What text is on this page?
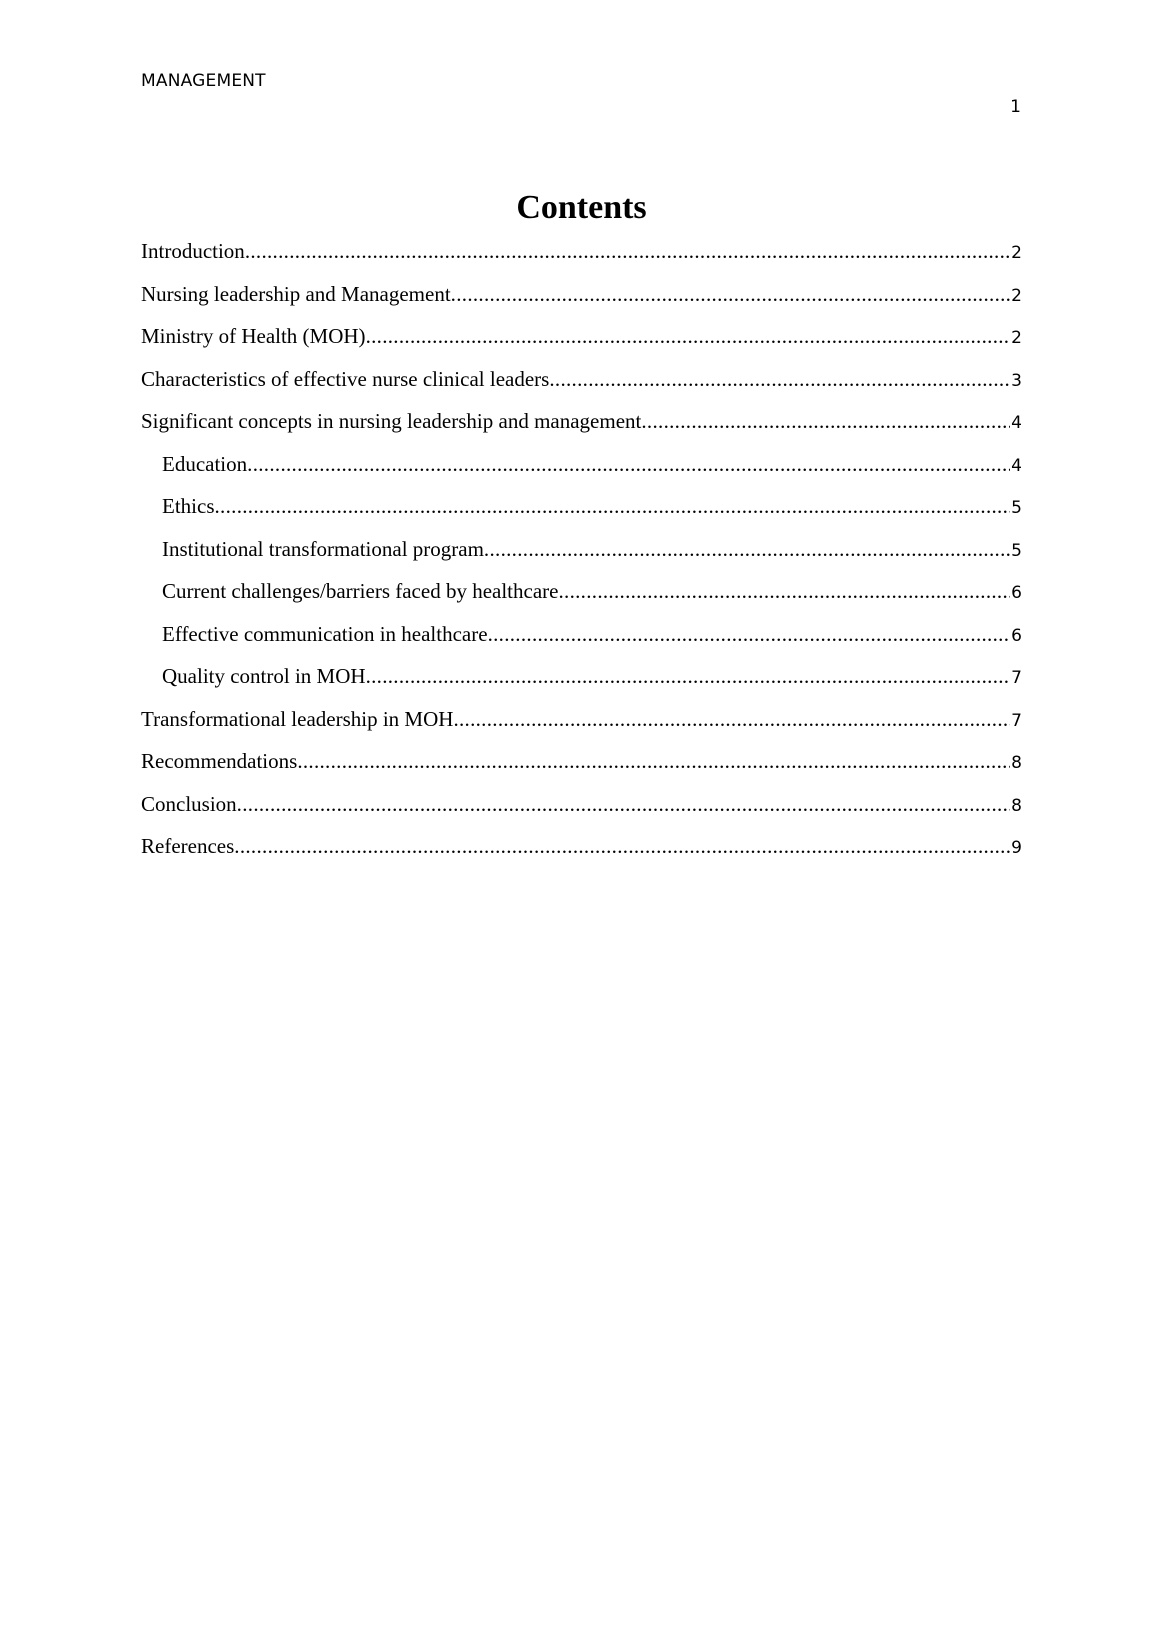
MANAGEMENT
1
Contents
Introduction .....	2
Nursing leadership and Management .....	2
Ministry of Health (MOH) .....	2
Characteristics of effective nurse clinical leaders .....	3
Significant concepts in nursing leadership and management .....	4
Education .....	4
Ethics .....	5
Institutional transformational program .....	5
Current challenges/barriers faced by healthcare .....	6
Effective communication in healthcare .....	6
Quality control in MOH .....	7
Transformational leadership in MOH .....	7
Recommendations .....	8
Conclusion .....	8
References .....	9
